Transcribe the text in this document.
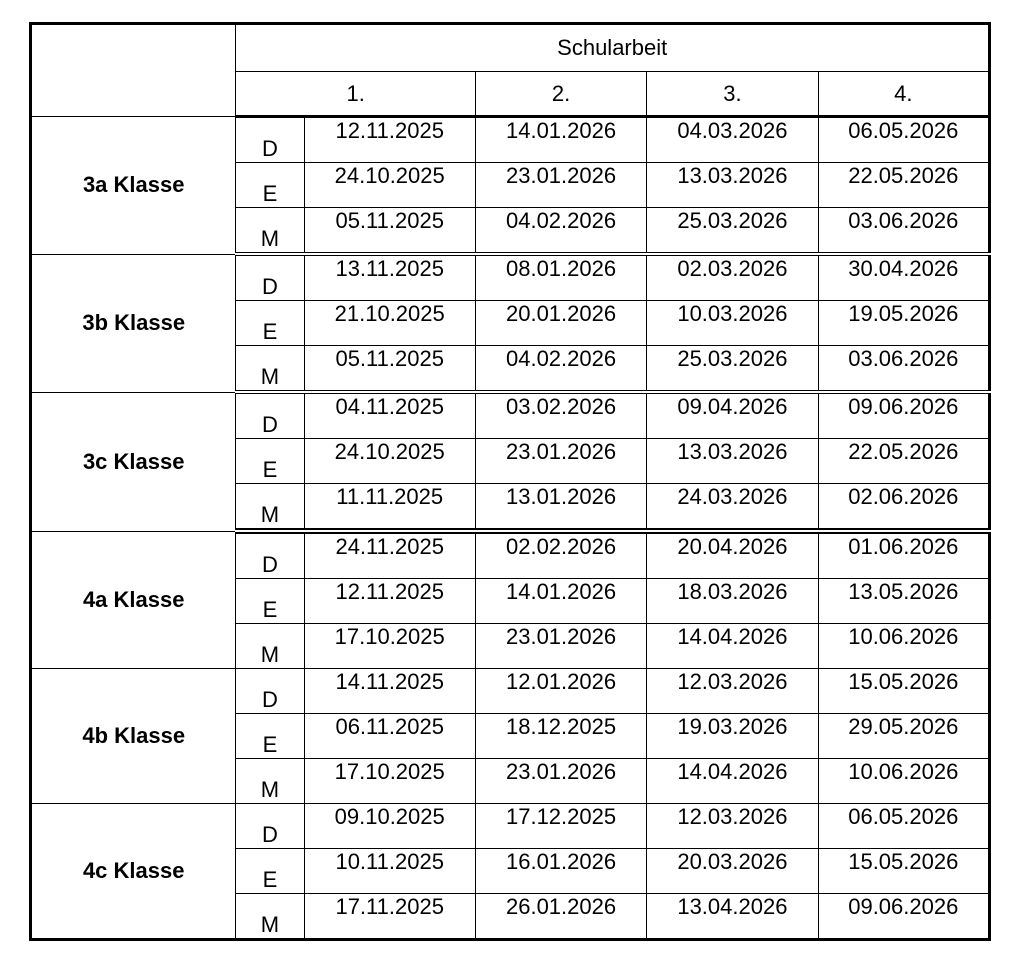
	Schularbeit				
	1.		2.	3.	4.
3a Klasse	D	12.11.2025	14.01.2026	04.03.2026	06.05.2026
	E	24.10.2025	23.01.2026	13.03.2026	22.05.2026
	M	05.11.2025	04.02.2026	25.03.2026	03.06.2026
3b Klasse	D	13.11.2025	08.01.2026	02.03.2026	30.04.2026
	E	21.10.2025	20.01.2026	10.03.2026	19.05.2026
	M	05.11.2025	04.02.2026	25.03.2026	03.06.2026
3c Klasse	D	04.11.2025	03.02.2026	09.04.2026	09.06.2026
	E	24.10.2025	23.01.2026	13.03.2026	22.05.2026
	M	11.11.2025	13.01.2026	24.03.2026	02.06.2026
4a Klasse	D	24.11.2025	02.02.2026	20.04.2026	01.06.2026
	E	12.11.2025	14.01.2026	18.03.2026	13.05.2026
	M	17.10.2025	23.01.2026	14.04.2026	10.06.2026
4b Klasse	D	14.11.2025	12.01.2026	12.03.2026	15.05.2026
	E	06.11.2025	18.12.2025	19.03.2026	29.05.2026
	M	17.10.2025	23.01.2026	14.04.2026	10.06.2026
4c Klasse	D	09.10.2025	17.12.2025	12.03.2026	06.05.2026
	E	10.11.2025	16.01.2026	20.03.2026	15.05.2026
	M	17.11.2025	26.01.2026	13.04.2026	09.06.2026
